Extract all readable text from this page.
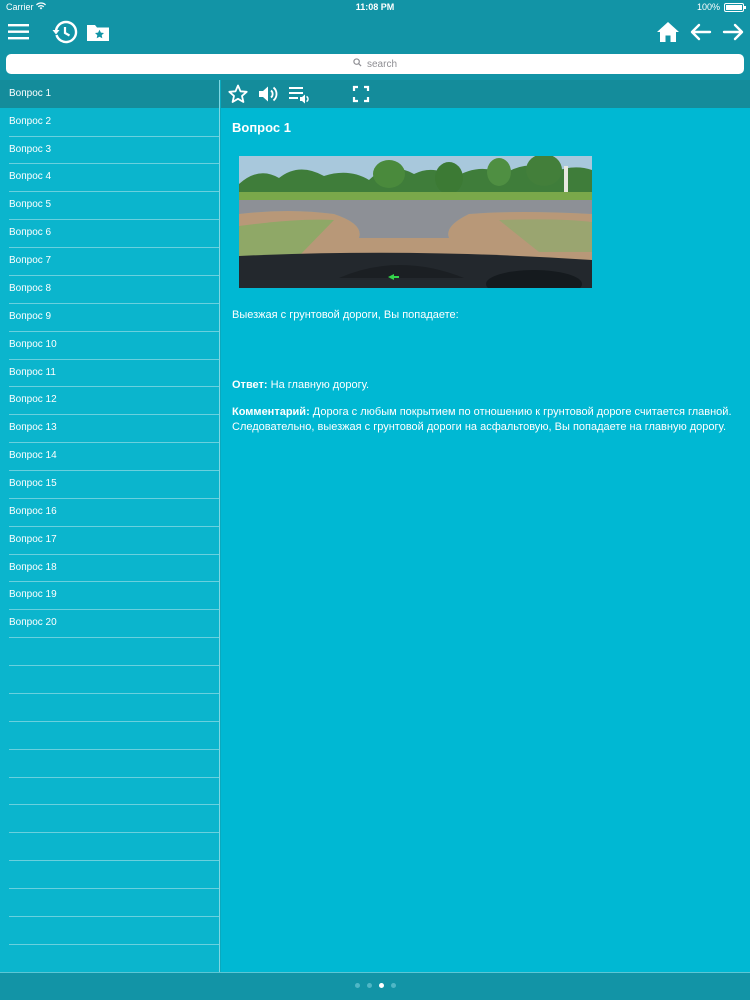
Carrier	11:08 PM	100%
search
Вопрос 1
Вопрос 2
Вопрос 3
Вопрос 4
Вопрос 5
Вопрос 6
Вопрос 7
Вопрос 8
Вопрос 9
Вопрос 10
Вопрос 11
Вопрос 12
Вопрос 13
Вопрос 14
Вопрос 15
Вопрос 16
Вопрос 17
Вопрос 18
Вопрос 19
Вопрос 20
Вопрос 1
Выезжая с грунтовой дороги, Вы попадаете:
Ответ: На главную дорогу.
Комментарий: Дорога с любым покрытием по отношению к грунтовой дороге считается главной. Следовательно, выезжая с грунтовой дороги на асфальтовую, Вы попадаете на главную дорогу.
